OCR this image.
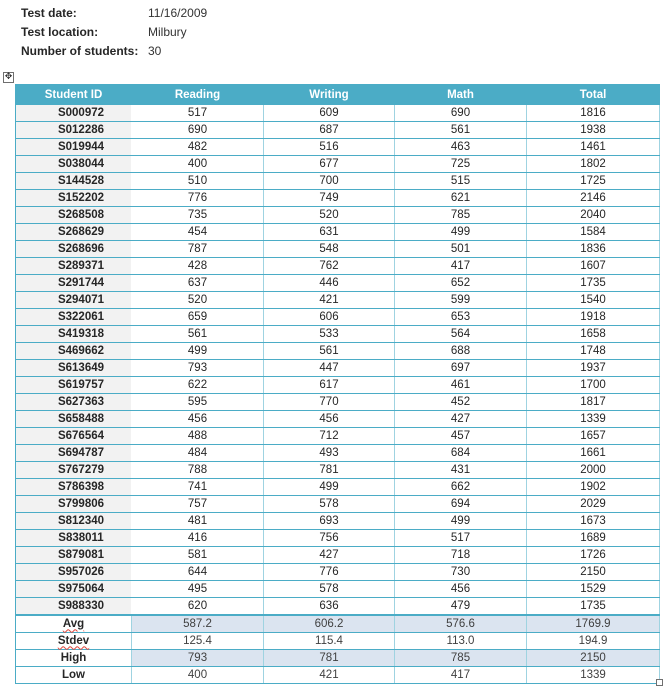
Test date:	11/16/2009
Test location:	Milbury
Number of students: 30
✥
Student ID	Reading	Writing	Math	Total
S000972	517	609	690	1816
S012286	690	687	561	1938
S019944	482	516	463	1461
S038044	400	677	725	1802
S144528	510	700	515	1725
S152202	776	749	621	2146
S268508	735	520	785	2040
S268629	454	631	499	1584
S268696	787	548	501	1836
S289371	428	762	417	1607
S291744	637	446	652	1735
S294071	520	421	599	1540
S322061	659	606	653	1918
S419318	561	533	564	1658
S469662	499	561	688	1748
S613649	793	447	697	1937
S619757	622	617	461	1700
S627363	595	770	452	1817
S658488	456	456	427	1339
S676564	488	712	457	1657
S694787	484	493	684	1661
S767279	788	781	431	2000
S786398	741	499	662	1902
S799806	757	578	694	2029
S812340	481	693	499	1673
S838011	416	756	517	1689
S879081	581	427	718	1726
S957026	644	776	730	2150
S975064	495	578	456	1529
S988330	620	636	479	1735
Avg	587.2	606.2	576.6	1769.9
Stdev	125.4	115.4	113.0	194.9
High	793	781	785	2150
Low	400	421	417	1339
